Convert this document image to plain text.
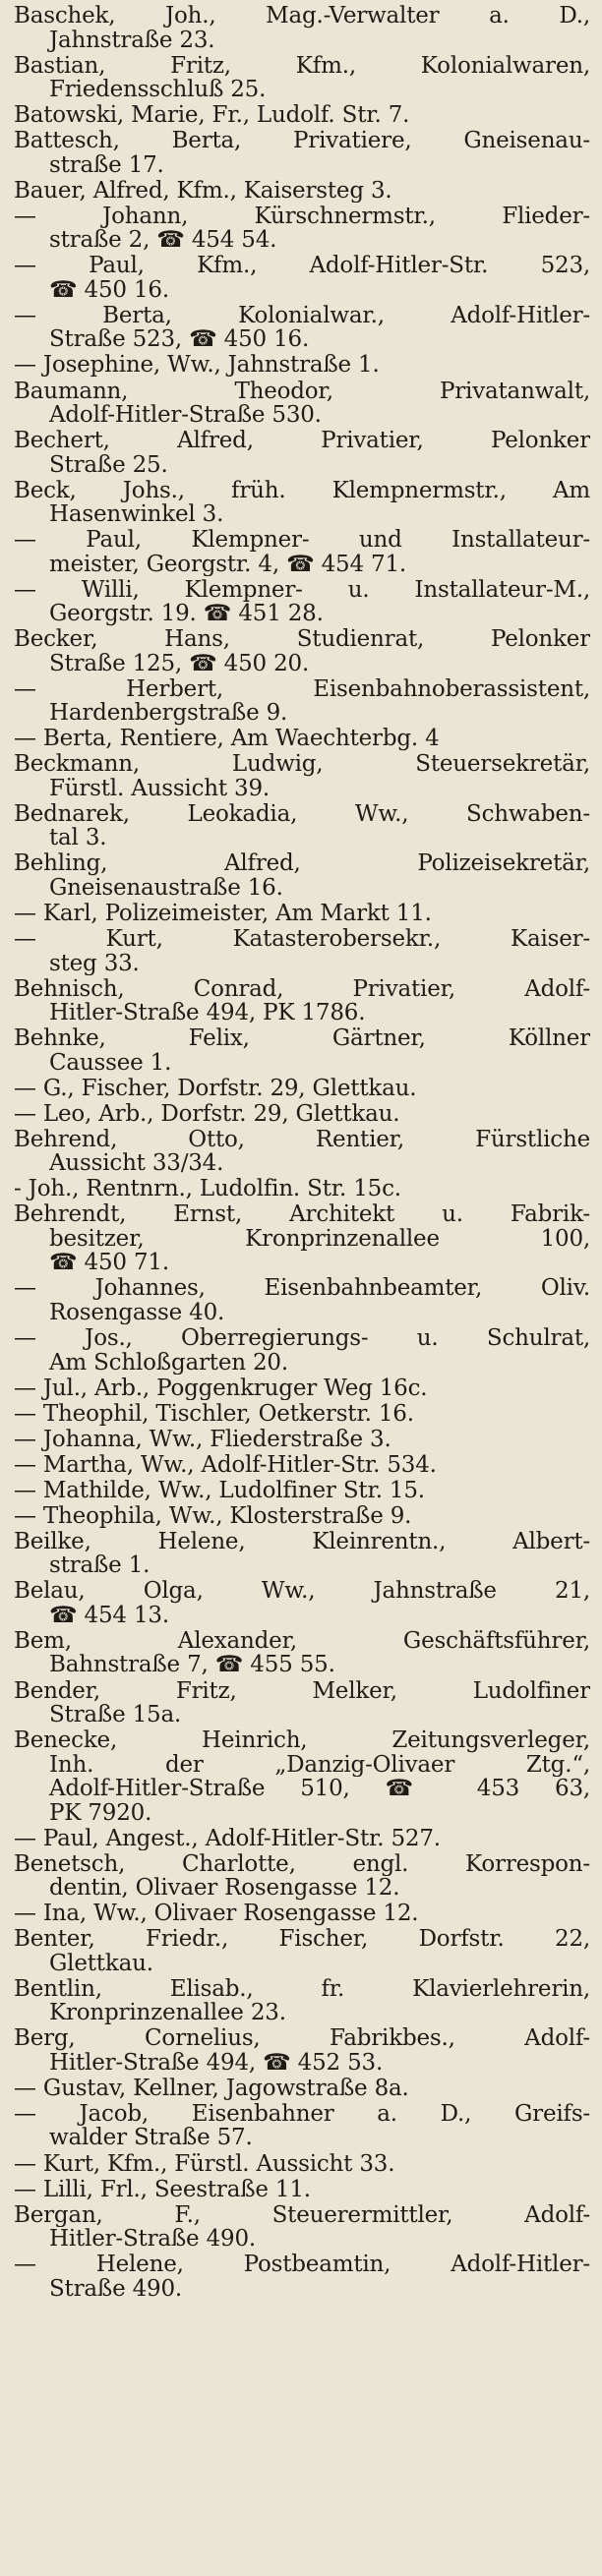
Baschek, Joh., Mag.-Verwalter a. D.,
Jahnstraße 23.

Bastian, Fritz, Kfm., Kolonialwaren,
Friedensschluß 25.

Batowski, Marie, Fr., Ludolf. Str. 7.

Battesch, Berta, Privatiere, Gneisenau-
straße 17.

Bauer, Alfred, Kfm., Kaisersteg 3.

— Johann, Kürschnermstr., Flieder-
straße 2, ☎ 454 54.

— Paul, Kfm., Adolf-Hitler-Str. 523,
☎ 450 16.

— Berta, Kolonialwar., Adolf-Hitler-
Straße 523, ☎ 450 16.

— Josephine, Ww., Jahnstraße 1.

Baumann, Theodor, Privatanwalt,
Adolf-Hitler-Straße 530.

Bechert, Alfred, Privatier, Pelonker
Straße 25.

Beck, Johs., früh. Klempnermstr., Am
Hasenwinkel 3.

— Paul, Klempner- und Installateur-
meister, Georgstr. 4, ☎ 454 71.

— Willi, Klempner- u. Installateur-M.,
Georgstr. 19. ☎ 451 28.

Becker, Hans, Studienrat, Pelonker
Straße 125, ☎ 450 20.

— Herbert, Eisenbahnoberassistent,
Hardenbergstraße 9.

— Berta, Rentiere, Am Waechterbg. 4

Beckmann, Ludwig, Steuersekretär,
Fürstl. Aussicht 39.

Bednarek, Leokadia, Ww., Schwaben-
tal 3.

Behling, Alfred, Polizeisekretär,
Gneisenaustraße 16.

— Karl, Polizeimeister, Am Markt 11.

— Kurt, Katasterobersekr., Kaiser-
steg 33.

Behnisch, Conrad, Privatier, Adolf-
Hitler-Straße 494, PK 1786.

Behnke, Felix, Gärtner, Köllner
Caussee 1.

— G., Fischer, Dorfstr. 29, Glettkau.

— Leo, Arb., Dorfstr. 29, Glettkau.

Behrend, Otto, Rentier, Fürstliche
Aussicht 33/34.

- Joh., Rentnrn., Ludolfin. Str. 15c.

Behrendt, Ernst, Architekt u. Fabrik-
besitzer, Kronprinzenallee 100,
☎ 450 71.

— Johannes, Eisenbahnbeamter, Oliv.
Rosengasse 40.

— Jos., Oberregierungs- u. Schulrat,
Am Schloßgarten 20.

— Jul., Arb., Poggenkruger Weg 16c.

— Theophil, Tischler, Oetkerstr. 16.

— Johanna, Ww., Fliederstraße 3.

— Martha, Ww., Adolf-Hitler-Str. 534.

— Mathilde, Ww., Ludolfiner Str. 15.

— Theophila, Ww., Klosterstraße 9.

Beilke, Helene, Kleinrentn., Albert-
straße 1.

Belau, Olga, Ww., Jahnstraße 21,
☎ 454 13.

Bem, Alexander, Geschäftsführer,
Bahnstraße 7, ☎ 455 55.

Bender, Fritz, Melker, Ludolfiner
Straße 15a.

Benecke, Heinrich, Zeitungsverleger,
Inh. der „Danzig-Olivaer Ztg.“,
Adolf-Hitler-Straße 510, ☎ 453 63,
PK 7920.

— Paul, Angest., Adolf-Hitler-Str. 527.

Benetsch, Charlotte, engl. Korrespon-
dentin, Olivaer Rosengasse 12.

— Ina, Ww., Olivaer Rosengasse 12.

Benter, Friedr., Fischer, Dorfstr. 22,
Glettkau.

Bentlin, Elisab., fr. Klavierlehrerin,
Kronprinzenallee 23.

Berg, Cornelius, Fabrikbes., Adolf-
Hitler-Straße 494, ☎ 452 53.

— Gustav, Kellner, Jagowstraße 8a.

— Jacob, Eisenbahner a. D., Greifs-
walder Straße 57.

— Kurt, Kfm., Fürstl. Aussicht 33.

— Lilli, Frl., Seestraße 11.

Bergan, F., Steuerermittler, Adolf-
Hitler-Straße 490.

— Helene, Postbeamtin, Adolf-Hitler-
Straße 490.
